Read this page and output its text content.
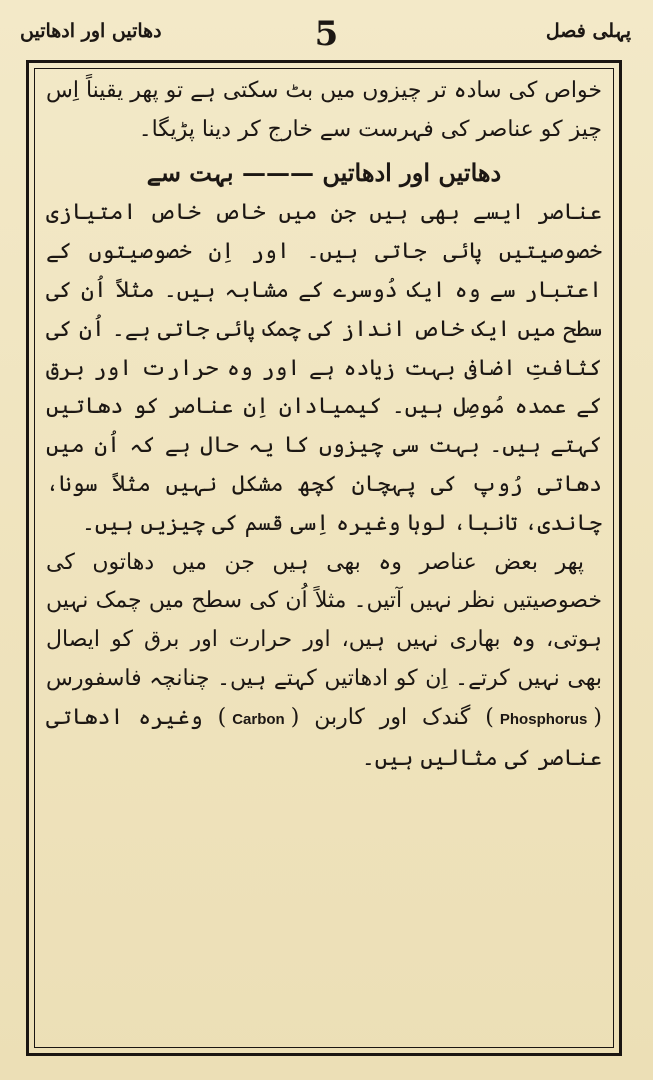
دھاتیں اور ادھاتیں	5	پہلی فصل

خواص کی سادہ تر چیزوں میں بٹ سکتی ہے تو پھر یقیناً اِس چیز کو عناصر کی فہرست سے خارج کر دینا پڑیگا۔

دھاتیں اور ادھاتیں ——— بہت سے

عناصر ایسے بھی ہیں جن میں خاص خاص امتیازی خصوصیتیں پائی جاتی ہیں۔ اور اِن خصوصیتوں کے اعتبار سے وہ ایک دُوسرے کے مشابہ ہیں۔ مثلاً اُن کی سطح میں ایک خاص انداز کی چمک پائی جاتی ہے۔ اُن کی کثافتِ اضافی بہت زیادہ ہے اور وہ حرارت اور برق کے عمدہ مُوصِل ہیں۔ کیمیادان اِن عناصر کو دھاتیں کہتے ہیں۔ بہت سی چیزوں کا یہ حال ہے کہ اُن میں دھاتی رُوپ کی پہچان کچھ مشکل نہیں مثلاً سونا، چاندی، تانبا، لوہا وغیرہ اِسی قسم کی چیزیں ہیں۔

پھر بعض عناصر وہ بھی ہیں جن میں دھاتوں کی خصوصیتیں نظر نہیں آتیں۔ مثلاً اُن کی سطح میں چمک نہیں ہوتی، وہ بھاری نہیں ہیں، اور حرارت اور برق کو ایصال بھی نہیں کرتے۔ اِن کو ادھاتیں کہتے ہیں۔ چنانچہ فاسفورس (Phosphorus) گندک اور کاربن (Carbon) وغیرہ ادھاتی عناصر کی مثالیں ہیں۔
